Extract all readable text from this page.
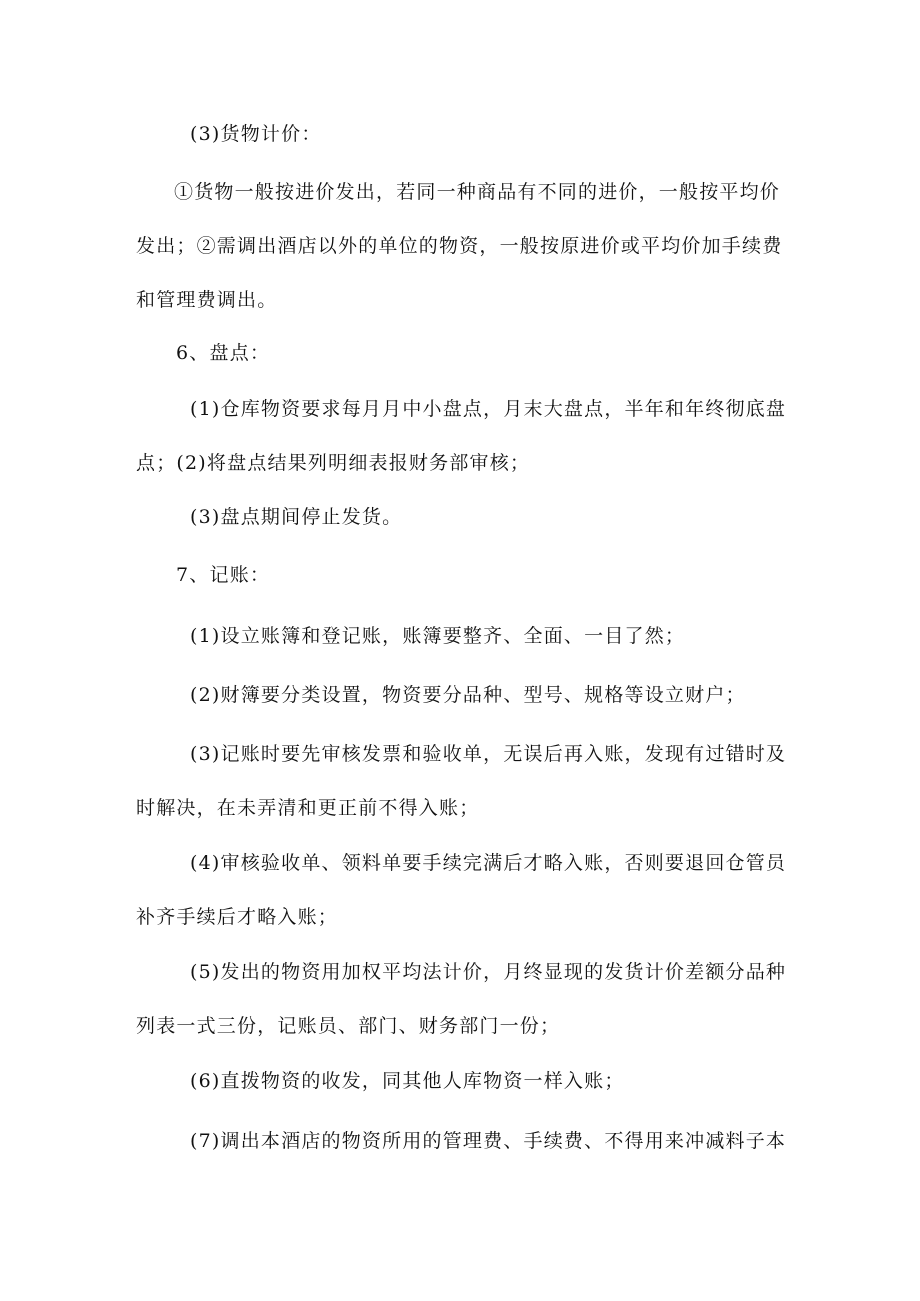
(3)货物计价：

①货物一般按进价发出，若同一种商品有不同的进价，一般按平均价发出；②需调出酒店以外的单位的物资，一般按原进价或平均价加手续费和管理费调出。

6、盘点：

(1)仓库物资要求每月月中小盘点，月末大盘点，半年和年终彻底盘点；(2)将盘点结果列明细表报财务部审核；

(3)盘点期间停止发货。

7、记账：

(1)设立账簿和登记账，账簿要整齐、全面、一目了然；

(2)财簿要分类设置，物资要分品种、型号、规格等设立财户；

(3)记账时要先审核发票和验收单，无误后再入账，发现有过错时及时解决，在未弄清和更正前不得入账；

(4)审核验收单、领料单要手续完满后才略入账，否则要退回仓管员补齐手续后才略入账；

(5)发出的物资用加权平均法计价，月终显现的发货计价差额分品种列表一式三份，记账员、部门、财务部门一份；

(6)直拨物资的收发，同其他人库物资一样入账；

(7)调出本酒店的物资所用的管理费、手续费、不得用来冲减料子本
